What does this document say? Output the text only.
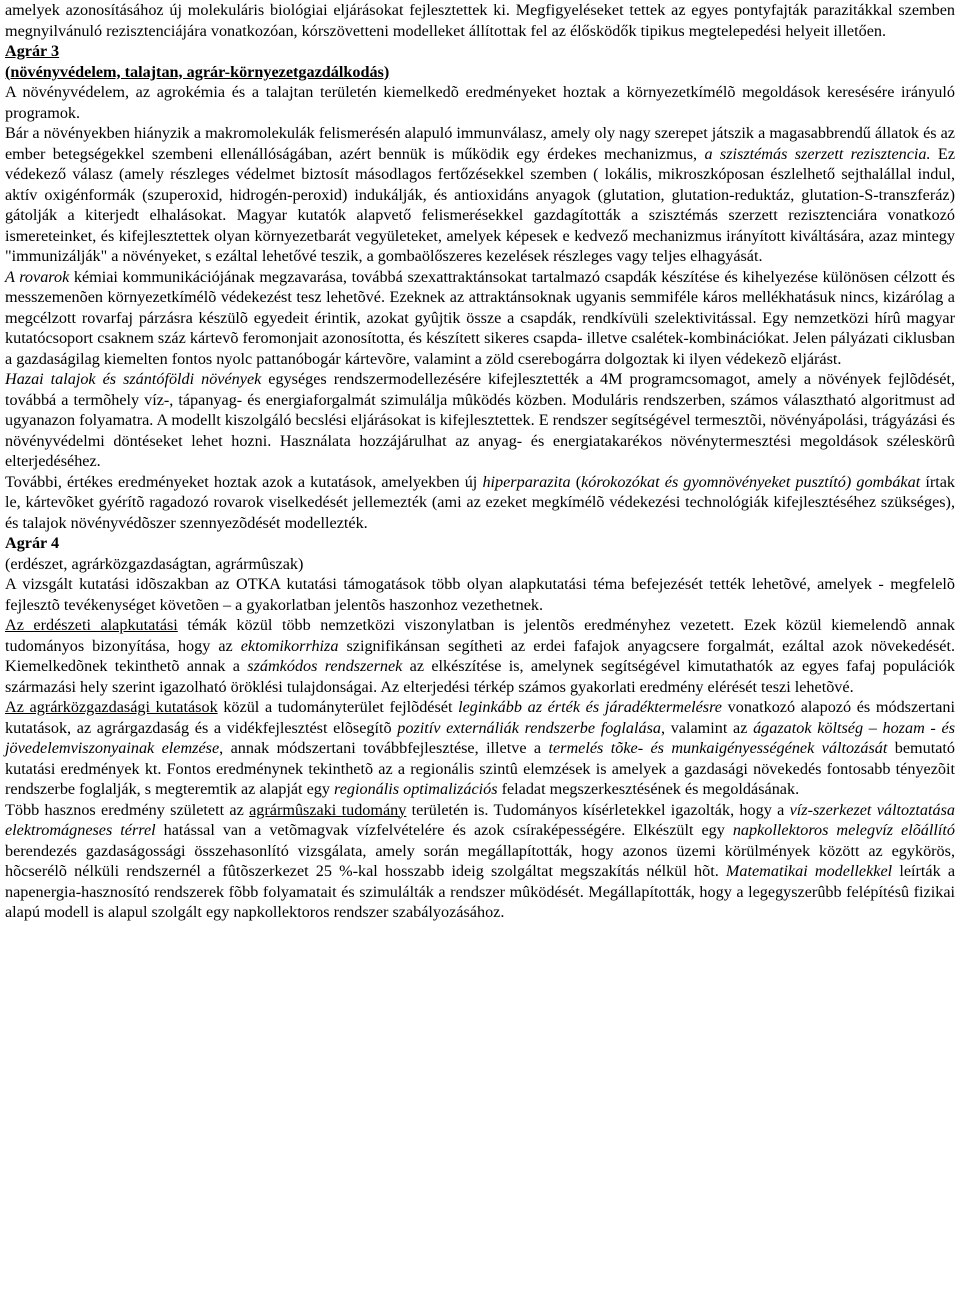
amelyek azonosításához új molekuláris biológiai eljárásokat fejlesztettek ki. Megfigyeléseket tettek az egyes pontyfajták parazitákkal szemben megnyilvánuló rezisztenciájára vonatkozóan, kórszövetteni modelleket állítottak fel az élősködők tipikus megtelepedési helyeit illetően.

Agrár 3

(növényvédelem, talajtan, agrár-környezetgazdálkodás)

A növényvédelem, az agrokémia és a talajtan területén kiemelkedõ eredményeket hoztak a környezetkímélõ megoldások keresésére irányuló programok.

Bár a növényekben hiányzik a makromolekulák felismerésén alapuló immunválasz, amely oly nagy szerepet játszik a magasabbrendű állatok és az ember betegségekkel szembeni ellenállóságában, azért bennük is működik egy érdekes mechanizmus, a szisztémás szerzett rezisztencia. Ez védekező válasz (amely részleges védelmet biztosít másodlagos fertőzésekkel szemben ( lokális, mikroszkóposan észlelhető sejthalállal indul, aktív oxigénformák (szuperoxid, hidrogén-peroxid) indukálják, és antioxidáns anyagok (glutation, glutation-reduktáz, glutation-S-transzferáz) gátolják a kiterjedt elhalásokat. Magyar kutatók alapvető felismerésekkel gazdagították a szisztémás szerzett rezisztenciára vonatkozó ismereteinket, és kifejlesztettek olyan környezetbarát vegyületeket, amelyek képesek e kedvező mechanizmus irányított kiváltására, azaz mintegy "immunizálják" a növényeket, s ezáltal lehetővé teszik, a gombaölőszeres kezelések részleges vagy teljes elhagyását.

A rovarok kémiai kommunikációjának megzavarása, továbbá szexattraktánsokat tartalmazó csapdák készítése és kihelyezése különösen célzott és messzemenõen környezetkímélõ védekezést tesz lehetõvé. Ezeknek az attraktánsoknak ugyanis semmiféle káros mellékhatásuk nincs, kizárólag a megcélzott rovarfaj párzásra készülõ egyedeit érintik, azokat gyûjtik össze a csapdák, rendkívüli szelektivitással. Egy nemzetközi hírû magyar kutatócsoport csaknem száz kártevõ feromonjait azonosította, és készített sikeres csapda- illetve csalétek-kombinációkat. Jelen pályázati ciklusban a gazdaságilag kiemelten fontos nyolc pattanóbogár kártevõre, valamint a zöld cserebogárra dolgoztak ki ilyen védekezõ eljárást.

Hazai talajok és szántóföldi növények egységes rendszermodellezésére kifejlesztették a 4M programcsomagot, amely a növények fejlõdését, továbbá a termõhely víz-, tápanyag- és energiaforgalmát szimulálja mûködés közben. Moduláris rendszerben, számos választható algoritmust ad ugyanazon folyamatra. A modellt kiszolgáló becslési eljárásokat is kifejlesztettek. E rendszer segítségével termesztõi, növényápolási, trágyázási és növényvédelmi döntéseket lehet hozni. Használata hozzájárulhat az anyag- és energiatakarékos növénytermesztési megoldások széleskörû elterjedéséhez.

További, értékes eredményeket hoztak azok a kutatások, amelyekben új hiperparazita (kórokozókat és gyomnövényeket pusztító) gombákat írtak le, kártevõket gyérítõ ragadozó rovarok viselkedését jellemezték (ami az ezeket megkímélõ védekezési technológiák kifejlesztéséhez szükséges), és talajok növényvédõszer szennyezõdését modellezték.

Agrár 4

(erdészet, agrárközgazdaságtan, agrármûszak)

A vizsgált kutatási idõszakban az OTKA kutatási támogatások több olyan alapkutatási téma befejezését tették lehetõvé, amelyek - megfelelõ fejlesztõ tevékenységet követõen – a gyakorlatban jelentõs haszonhoz vezethetnek.

Az erdészeti alapkutatási témák közül több nemzetközi viszonylatban is jelentõs eredményhez vezetett. Ezek közül kiemelendõ annak tudományos bizonyítása, hogy az ektomikorrhiza szignifikánsan segítheti az erdei fafajok anyagcsere forgalmát, ezáltal azok növekedését. Kiemelkedõnek tekinthetõ annak a számkódos rendszernek az elkészítése is, amelynek segítségével kimutathatók az egyes fafaj populációk származási hely szerint igazolható öröklési tulajdonságai. Az elterjedési térkép számos gyakorlati eredmény elérését teszi lehetõvé.

Az agrárközgazdasági kutatások közül a tudományterület fejlõdését leginkább az érték és járadéktermelésre vonatkozó alapozó és módszertani kutatások, az agrárgazdaság és a vidékfejlesztést elõsegítõ pozitív externáliák rendszerbe foglalása, valamint az ágazatok költség – hozam - és jövedelemviszonyainak elemzése, annak módszertani továbbfejlesztése, illetve a termelés tõke- és munkaigényességének változását bemutató kutatási eredmények kt. Fontos eredménynek tekinthetõ az a regionális szintû elemzések is amelyek a gazdasági növekedés fontosabb tényezõit rendszerbe foglalják, s megteremtik az alapját egy regionális optimalizációs feladat megszerkesztésének és megoldásának.

Több hasznos eredmény született az agrármûszaki tudomány területén is. Tudományos kísérletekkel igazolták, hogy a víz-szerkezet változtatása elektromágneses térrel hatással van a vetõmagvak vízfelvételére és azok csíraképességére. Elkészült egy napkollektoros melegvíz elõállító berendezés gazdaságossági összehasonlító vizsgálata, amely során megállapították, hogy azonos üzemi körülmények között az egykörös, hõcserélõ nélküli rendszernél a fûtõszerkezet 25 %-kal hosszabb ideig szolgáltat megszakítás nélkül hõt. Matematikai modellekkel leírták a napenergia-hasznosító rendszerek fõbb folyamatait és szimulálták a rendszer mûködését. Megállapították, hogy a legegyszerûbb felépítésû fizikai alapú modell is alapul szolgált egy napkollektoros rendszer szabályozásához.
